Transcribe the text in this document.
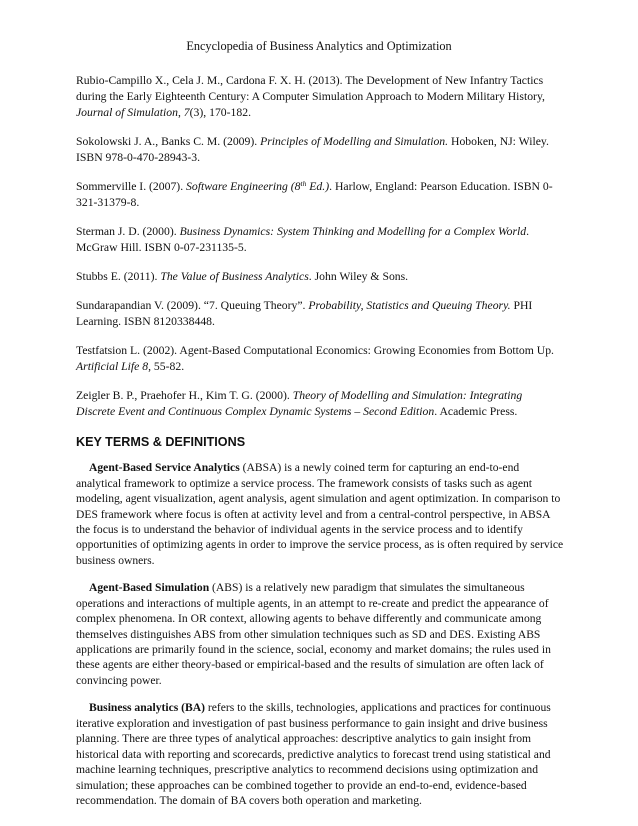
Encyclopedia of Business Analytics and Optimization

Rubio-Campillo X., Cela J. M., Cardona F. X. H. (2013). The Development of New Infantry Tactics during the Early Eighteenth Century: A Computer Simulation Approach to Modern Military History, Journal of Simulation, 7(3), 170-182.

Sokolowski J. A., Banks C. M. (2009). Principles of Modelling and Simulation. Hoboken, NJ: Wiley. ISBN 978-0-470-28943-3.

Sommerville I. (2007). Software Engineering (8th Ed.). Harlow, England: Pearson Education. ISBN 0-321-31379-8.

Sterman J. D. (2000). Business Dynamics: System Thinking and Modelling for a Complex World. McGraw Hill. ISBN 0-07-231135-5.

Stubbs E. (2011). The Value of Business Analytics. John Wiley & Sons.

Sundarapandian V. (2009). “7. Queuing Theory”. Probability, Statistics and Queuing Theory. PHI Learning. ISBN 8120338448.

Testfatsion L. (2002). Agent-Based Computational Economics: Growing Economies from Bottom Up. Artificial Life 8, 55-82.

Zeigler B. P., Praehofer H., Kim T. G. (2000). Theory of Modelling and Simulation: Integrating Discrete Event and Continuous Complex Dynamic Systems – Second Edition. Academic Press.

KEY TERMS & DEFINITIONS

Agent-Based Service Analytics (ABSA) is a newly coined term for capturing an end-to-end analytical framework to optimize a service process. The framework consists of tasks such as agent modeling, agent visualization, agent analysis, agent simulation and agent optimization. In comparison to DES framework where focus is often at activity level and from a central-control perspective, in ABSA the focus is to understand the behavior of individual agents in the service process and to identify opportunities of optimizing agents in order to improve the service process, as is often required by service business owners.

Agent-Based Simulation (ABS) is a relatively new paradigm that simulates the simultaneous operations and interactions of multiple agents, in an attempt to re-create and predict the appearance of complex phenomena. In OR context, allowing agents to behave differently and communicate among themselves distinguishes ABS from other simulation techniques such as SD and DES. Existing ABS applications are primarily found in the science, social, economy and market domains; the rules used in these agents are either theory-based or empirical-based and the results of simulation are often lack of convincing power.

Business analytics (BA) refers to the skills, technologies, applications and practices for continuous iterative exploration and investigation of past business performance to gain insight and drive business planning. There are three types of analytical approaches: descriptive analytics to gain insight from historical data with reporting and scorecards, predictive analytics to forecast trend using statistical and machine learning techniques, prescriptive analytics to recommend decisions using optimization and simulation; these approaches can be combined together to provide an end-to-end, evidence-based recommendation. The domain of BA covers both operation and marketing.
